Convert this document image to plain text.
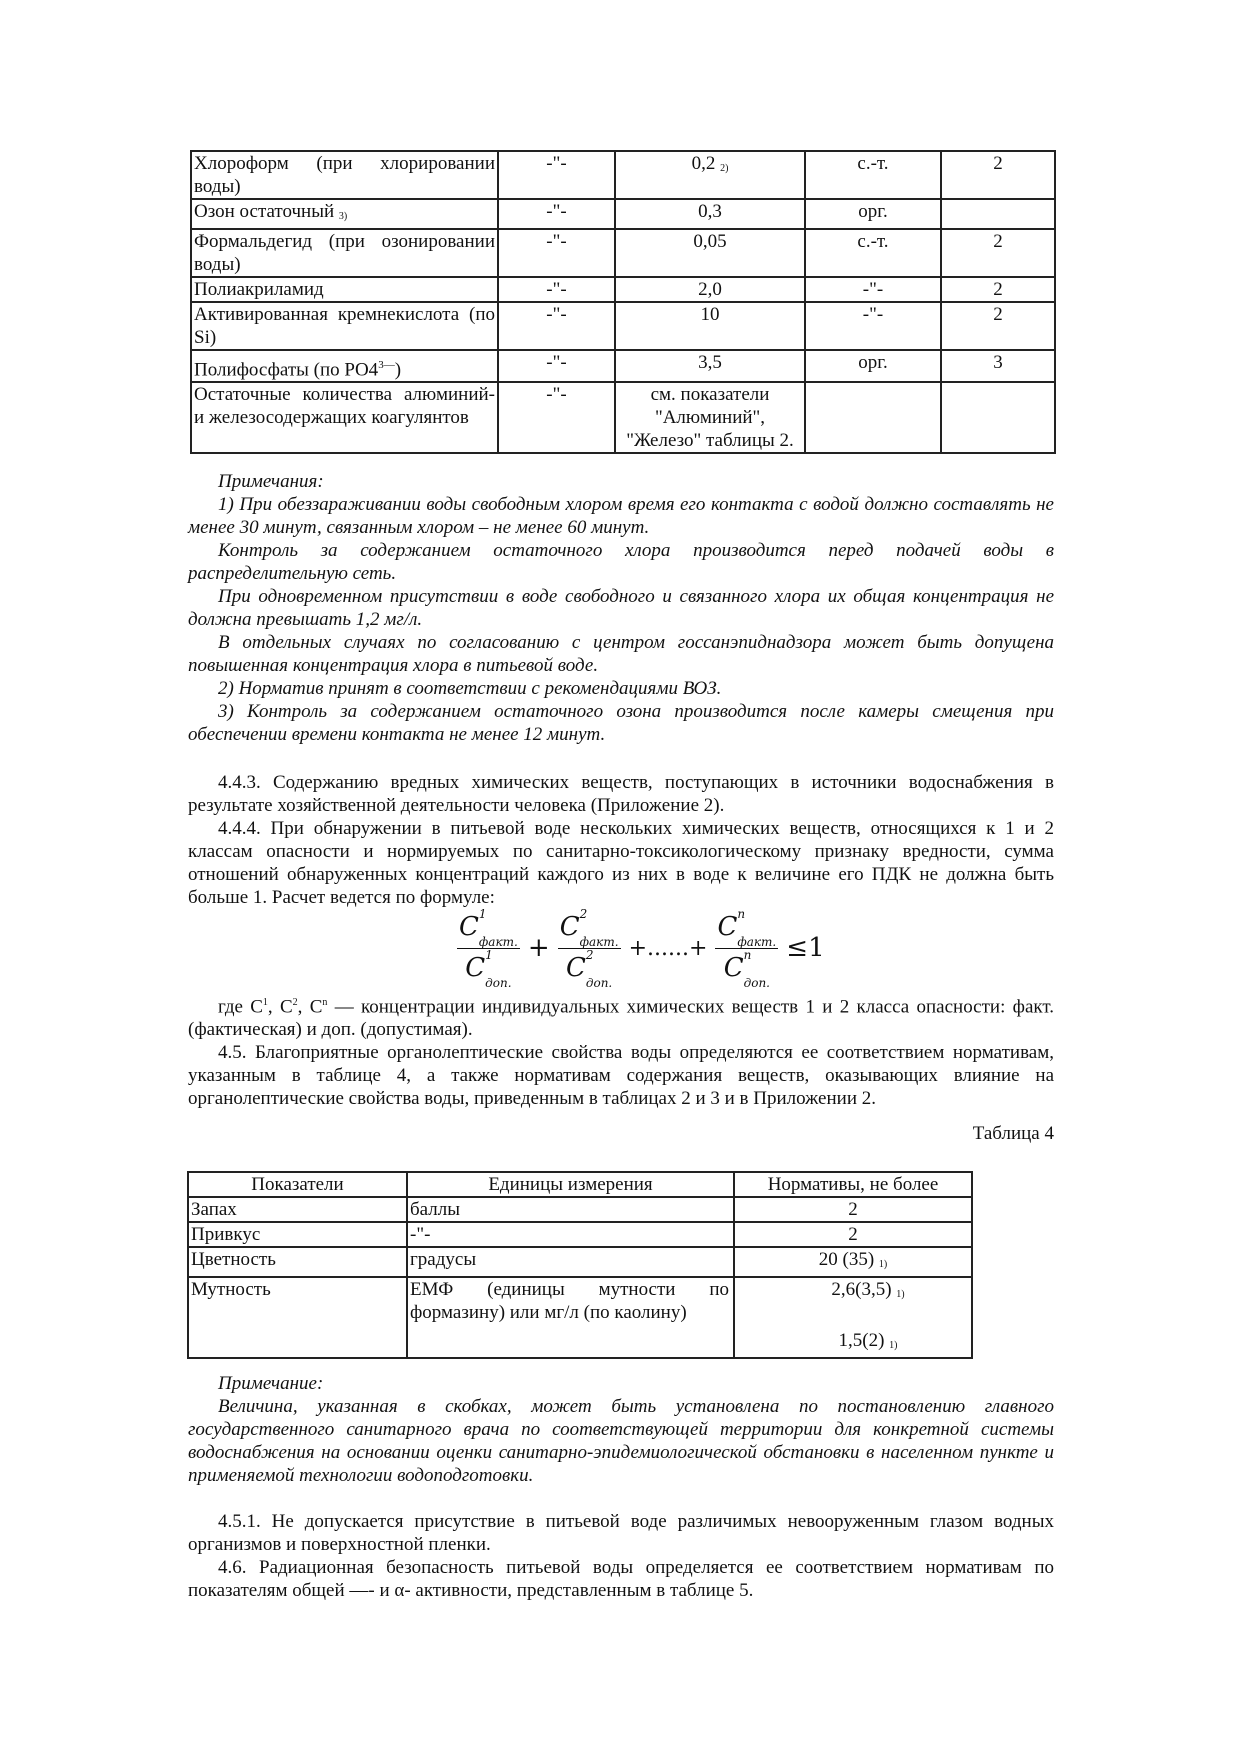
Хлороформ (при хлорировании воды)	-"-	0,2 $_{2)}$	с.-т.	2
Озон остаточный $_{3)}$	-"-	0,3	орг.	
Формальдегид (при озонировании воды)	-"-	0,05	с.-т.	2
Полиакриламид	-"-	2,0	-"-	2
Активированная кремнекислота (по Si)	-"-	10	-"-	2
Полифосфаты (по $PO4^{3—}$)	-"-	3,5	орг.	3
Остаточные количества алюминий- и железосодержащих коагулянтов	-"-	см. показатели "Алюминий", "Железо" таблицы 2.		

Примечания:

1) При обеззараживании воды свободным хлором время его контакта с водой должно составлять не менее 30 минут, связанным хлором – не менее 60 минут.

Контроль за содержанием остаточного хлора производится перед подачей воды в распределительную сеть.

При одновременном присутствии в воде свободного и связанного хлора их общая концентрация не должна превышать 1,2 мг/л.

В отдельных случаях по согласованию с центром госсанэпиднадзора может быть допущена повышенная концентрация хлора в питьевой воде.

2) Норматив принят в соответствии с рекомендациями ВОЗ.

3) Контроль за содержанием остаточного озона производится после камеры смещения при обеспечении времени контакта не менее 12 минут.

4.4.3. Содержанию вредных химических веществ, поступающих в источники водоснабжения в результате хозяйственной деятельности человека (Приложение 2).

4.4.4. При обнаружении в питьевой воде нескольких химических веществ, относящихся к 1 и 2 классам опасности и нормируемых по санитарно-токсикологическому признаку вредности, сумма отношений обнаруженных концентраций каждого из них в воде к величине его ПДК не должна быть больше 1. Расчет ведется по формуле:

$C^1$
$_{факт.}$
$C^1$
$_{доп.}$
+
$C^2$
$_{факт.}$
$C^2$
$_{доп.}$
+......+
$C^n$
$_{факт.}$
$C^n$
$_{доп.}$
≤1

где $C^1$, $C^2$, $C^n$ — концентрации индивидуальных химических веществ 1 и 2 класса опасности: факт. (фактическая) и доп. (допустимая).

4.5. Благоприятные органолептические свойства воды определяются ее соответствием нормативам, указанным в таблице 4, а также нормативам содержания веществ, оказывающих влияние на органолептические свойства воды, приведенным в таблицах 2 и 3 и в Приложении 2.

Таблица 4
Показатели	Единицы измерения	Нормативы, не более
Запах	баллы	2
Привкус	-"-	2
Цветность	градусы	20 (35) $_{1)}$
Мутность	ЕМФ (единицы мутности по формазину) или мг/л (по каолину)	2,6(3,5) $_{1)}$
1,5(2) $_{1)}$

Примечание:

Величина, указанная в скобках, может быть установлена по постановлению главного государственного санитарного врача по соответствующей территории для конкретной системы водоснабжения на основании оценки санитарно-эпидемиологической обстановки в населенном пункте и применяемой технологии водоподготовки.

4.5.1. Не допускается присутствие в питьевой воде различимых невооруженным глазом водных организмов и поверхностной пленки.

4.6. Радиационная безопасность питьевой воды определяется ее соответствием нормативам по показателям общей —- и α- активности, представленным в таблице 5.
